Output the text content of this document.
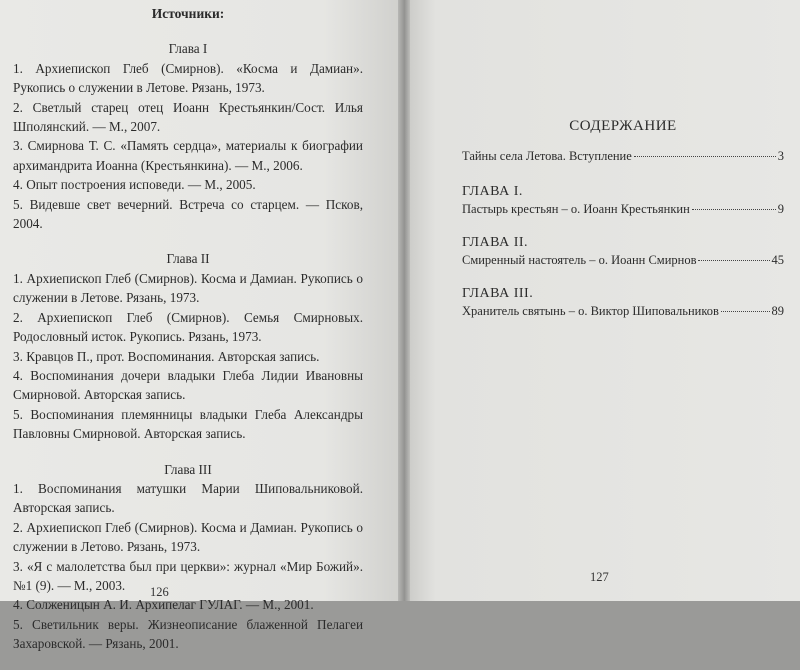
Источники:
Глава I
1. Архиепископ Глеб (Смирнов). «Косма и Дамиан». Рукопись о служении в Летове. Рязань, 1973.
2. Светлый старец отец Иоанн Крестьянкин/Сост. Илья Шполянский. — М., 2007.
3. Смирнова Т. С. «Память сердца», материалы к биографии архимандрита Иоанна (Крестьянкина). — М., 2006.
4. Опыт построения исповеди. — М., 2005.
5. Видевше свет вечерний. Встреча со старцем. — Псков, 2004.
Глава II
1. Архиепископ Глеб (Смирнов). Косма и Дамиан. Рукопись о служении в Летове. Рязань, 1973.
2. Архиепископ Глеб (Смирнов). Семья Смирновых. Родословный исток. Рукопись. Рязань, 1973.
3. Кравцов П., прот. Воспоминания. Авторская запись.
4. Воспоминания дочери владыки Глеба Лидии Ивановны Смирновой. Авторская запись.
5. Воспоминания племянницы владыки Глеба Александры Павловны Смирновой. Авторская запись.
Глава III
1. Воспоминания матушки Марии Шиповальниковой. Авторская запись.
2. Архиепископ Глеб (Смирнов). Косма и Дамиан. Рукопись о служении в Летово. Рязань, 1973.
3. «Я с малолетства был при церкви»: журнал «Мир Божий». №1 (9). — М., 2003.
4. Солженицын А. И. Архипелаг ГУЛАГ. — М., 2001.
5. Светильник веры. Жизнеописание блаженной Пелагеи Захаровской. — Рязань, 2001.
126
СОДЕРЖАНИЕ
Тайны села Летова. Вступление	3
ГЛАВА I.
Пастырь крестьян – о. Иоанн Крестьянкин	9
ГЛАВА II.
Смиренный настоятель – о. Иоанн Смирнов	45
ГЛАВА III.
Хранитель святынь – о. Виктор Шиповальников	89
127
